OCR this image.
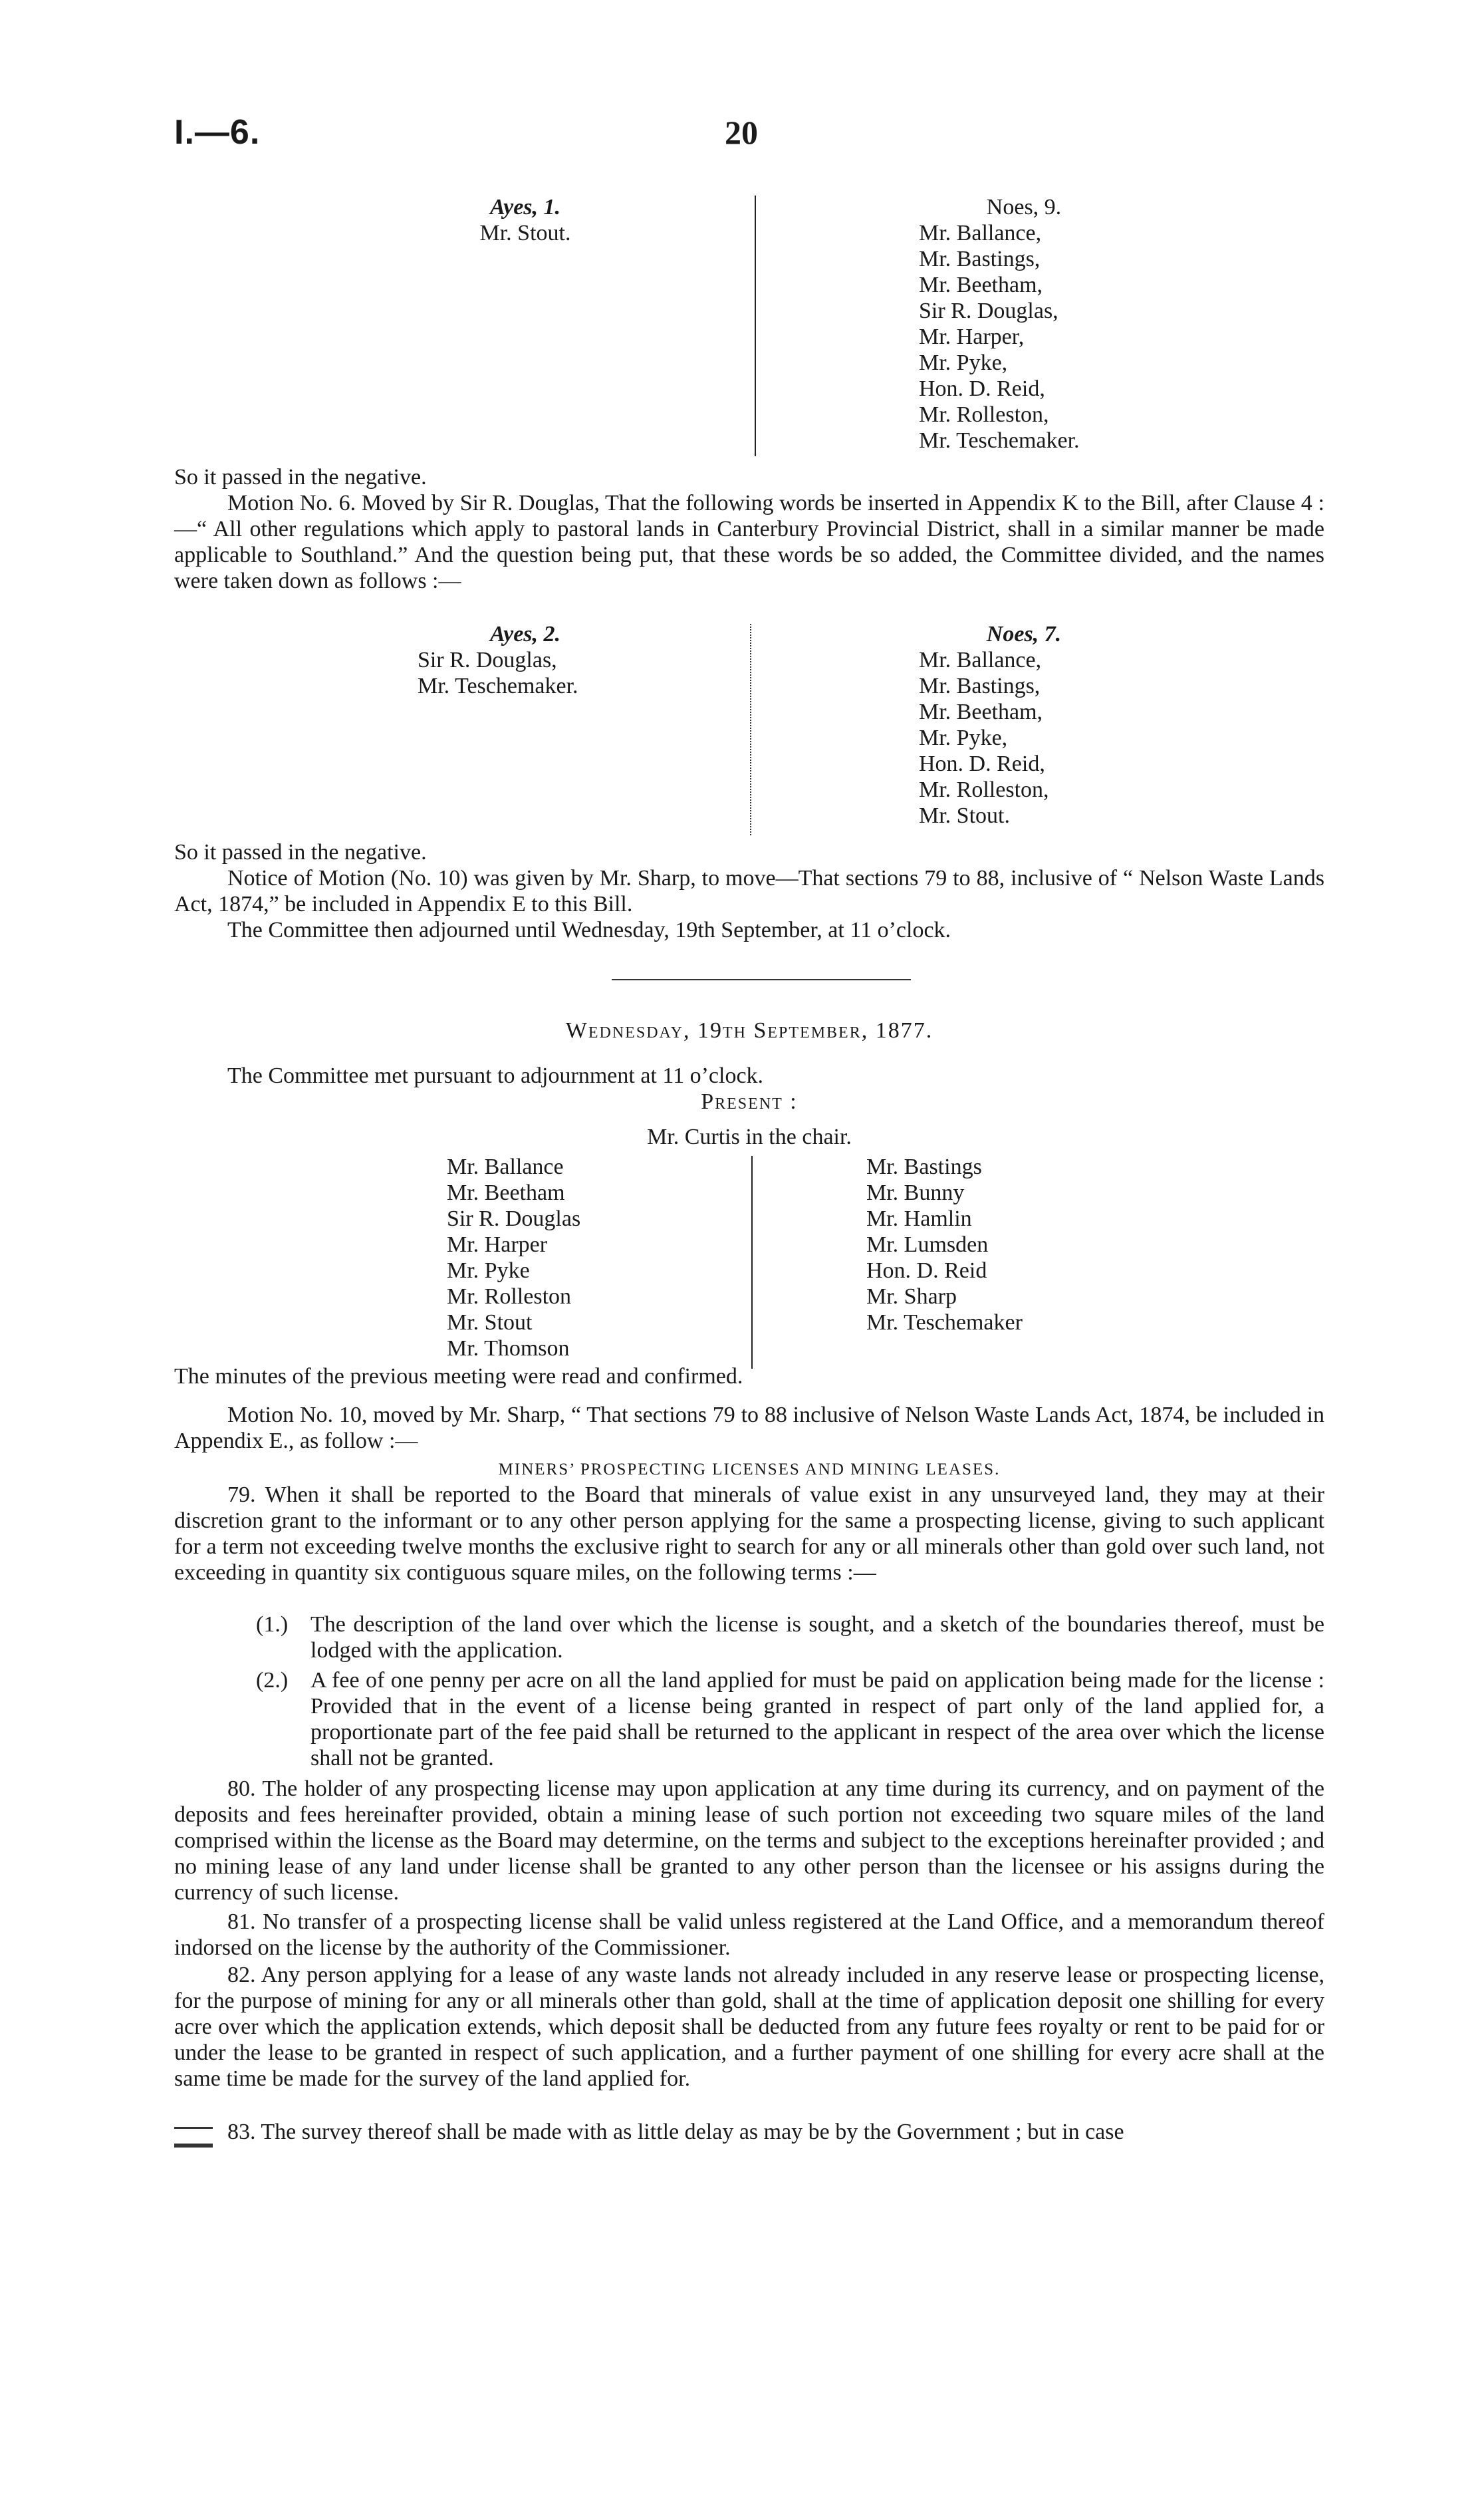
I.—6.	20
Ayes, 1.
Mr. Stout.
Noes, 9.
Mr. Ballance,
Mr. Bastings,
Mr. Beetham,
Sir R. Douglas,
Mr. Harper,
Mr. Pyke,
Hon. D. Reid,
Mr. Rolleston,
Mr. Teschemaker.
So it passed in the negative.
Motion No. 6. Moved by Sir R. Douglas, That the following words be inserted in Appendix K to the Bill, after Clause 4 :—“ All other regulations which apply to pastoral lands in Canterbury Provincial District, shall in a similar manner be made applicable to Southland.” And the question being put, that these words be so added, the Committee divided, and the names were taken down as follows :—
Ayes, 2.
Sir R. Douglas,
Mr. Teschemaker.
Noes, 7.
Mr. Ballance,
Mr. Bastings,
Mr. Beetham,
Mr. Pyke,
Hon. D. Reid,
Mr. Rolleston,
Mr. Stout.
So it passed in the negative.
Notice of Motion (No. 10) was given by Mr. Sharp, to move—That sections 79 to 88, inclusive of “ Nelson Waste Lands Act, 1874,” be included in Appendix E to this Bill.
The Committee then adjourned until Wednesday, 19th September, at 11 o’clock.
Wednesday, 19th September, 1877.
The Committee met pursuant to adjournment at 11 o’clock.
Present :
Mr. Curtis in the chair.
Mr. Ballance
Mr. Beetham
Sir R. Douglas
Mr. Harper
Mr. Pyke
Mr. Rolleston
Mr. Stout
Mr. Thomson
Mr. Bastings
Mr. Bunny
Mr. Hamlin
Mr. Lumsden
Hon. D. Reid
Mr. Sharp
Mr. Teschemaker
The minutes of the previous meeting were read and confirmed.
Motion No. 10, moved by Mr. Sharp, “ That sections 79 to 88 inclusive of Nelson Waste Lands Act, 1874, be included in Appendix E., as follow :—
MINERS’ PROSPECTING LICENSES AND MINING LEASES.
79. When it shall be reported to the Board that minerals of value exist in any unsurveyed land, they may at their discretion grant to the informant or to any other person applying for the same a prospecting license, giving to such applicant for a term not exceeding twelve months the exclusive right to search for any or all minerals other than gold over such land, not exceeding in quantity six contiguous square miles, on the following terms :—
(1.) The description of the land over which the license is sought, and a sketch of the boundaries thereof, must be lodged with the application.
(2.) A fee of one penny per acre on all the land applied for must be paid on application being made for the license : Provided that in the event of a license being granted in respect of part only of the land applied for, a proportionate part of the fee paid shall be returned to the applicant in respect of the area over which the license shall not be granted.
80. The holder of any prospecting license may upon application at any time during its currency, and on payment of the deposits and fees hereinafter provided, obtain a mining lease of such portion not exceeding two square miles of the land comprised within the license as the Board may determine, on the terms and subject to the exceptions hereinafter provided ; and no mining lease of any land under license shall be granted to any other person than the licensee or his assigns during the currency of such license.
81. No transfer of a prospecting license shall be valid unless registered at the Land Office, and a memorandum thereof indorsed on the license by the authority of the Commissioner.
82. Any person applying for a lease of any waste lands not already included in any reserve lease or prospecting license, for the purpose of mining for any or all minerals other than gold, shall at the time of application deposit one shilling for every acre over which the application extends, which deposit shall be deducted from any future fees royalty or rent to be paid for or under the lease to be granted in respect of such application, and a further payment of one shilling for every acre shall at the same time be made for the survey of the land applied for.
83. The survey thereof shall be made with as little delay as may be by the Government ; but in case
